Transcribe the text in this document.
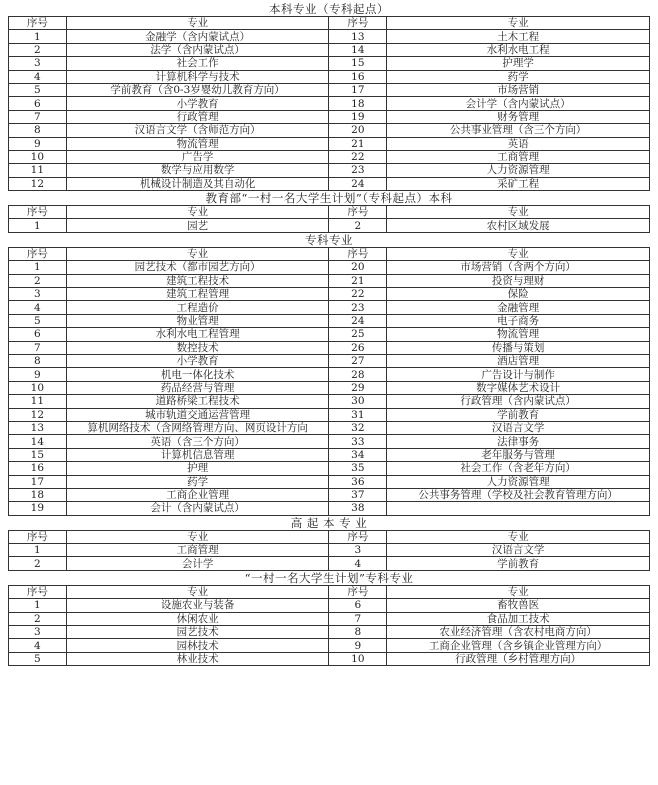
本科专业（专科起点）
序号	专业	序号	专业
1	金融学（含内蒙试点）	13	土木工程
2	法学（含内蒙试点）	14	水利水电工程
3	社会工作	15	护理学
4	计算机科学与技术	16	药学
5	学前教育（含0-3岁婴幼儿教育方向）	17	市场营销
6	小学教育	18	会计学（含内蒙试点）
7	行政管理	19	财务管理
8	汉语言文学（含师范方向）	20	公共事业管理（含三个方向）
9	物流管理	21	英语
10	广告学	22	工商管理
11	数学与应用数学	23	人力资源管理
12	机械设计制造及其自动化	24	采矿工程
教育部“一村一名大学生计划”（专科起点）本科
序号	专业	序号	专业
1	园艺	2	农村区域发展
专科专业
序号	专业	序号	专业
1	园艺技术（都市园艺方向）	20	市场营销（含两个方向）
2	建筑工程技术	21	投资与理财
3	建筑工程管理	22	保险
4	工程造价	23	金融管理
5	物业管理	24	电子商务
6	水利水电工程管理	25	物流管理
7	数控技术	26	传播与策划
8	小学教育	27	酒店管理
9	机电一体化技术	28	广告设计与制作
10	药品经营与管理	29	数字媒体艺术设计
11	道路桥梁工程技术	30	行政管理（含内蒙试点）
12	城市轨道交通运营管理	31	学前教育
13	算机网络技术（含网络管理方向、网页设计方向	32	汉语言文学
14	英语（含三个方向）	33	法律事务
15	计算机信息管理	34	老年服务与管理
16	护理	35	社会工作（含老年方向）
17	药学	36	人力资源管理
18	工商企业管理	37	公共事务管理（学校及社会教育管理方向）
19	会计（含内蒙试点）	38	
高 起 本 专 业
序号	专业	序号	专业
1	工商管理	3	汉语言文学
2	会计学	4	学前教育
“一村一名大学生计划”专科专业
序号	专业	序号	专业
1	设施农业与装备	6	畜牧兽医
2	休闲农业	7	食品加工技术
3	园艺技术	8	农业经济管理（含农村电商方向）
4	园林技术	9	工商企业管理（含乡镇企业管理方向）
5	林业技术	10	行政管理（乡村管理方向）
